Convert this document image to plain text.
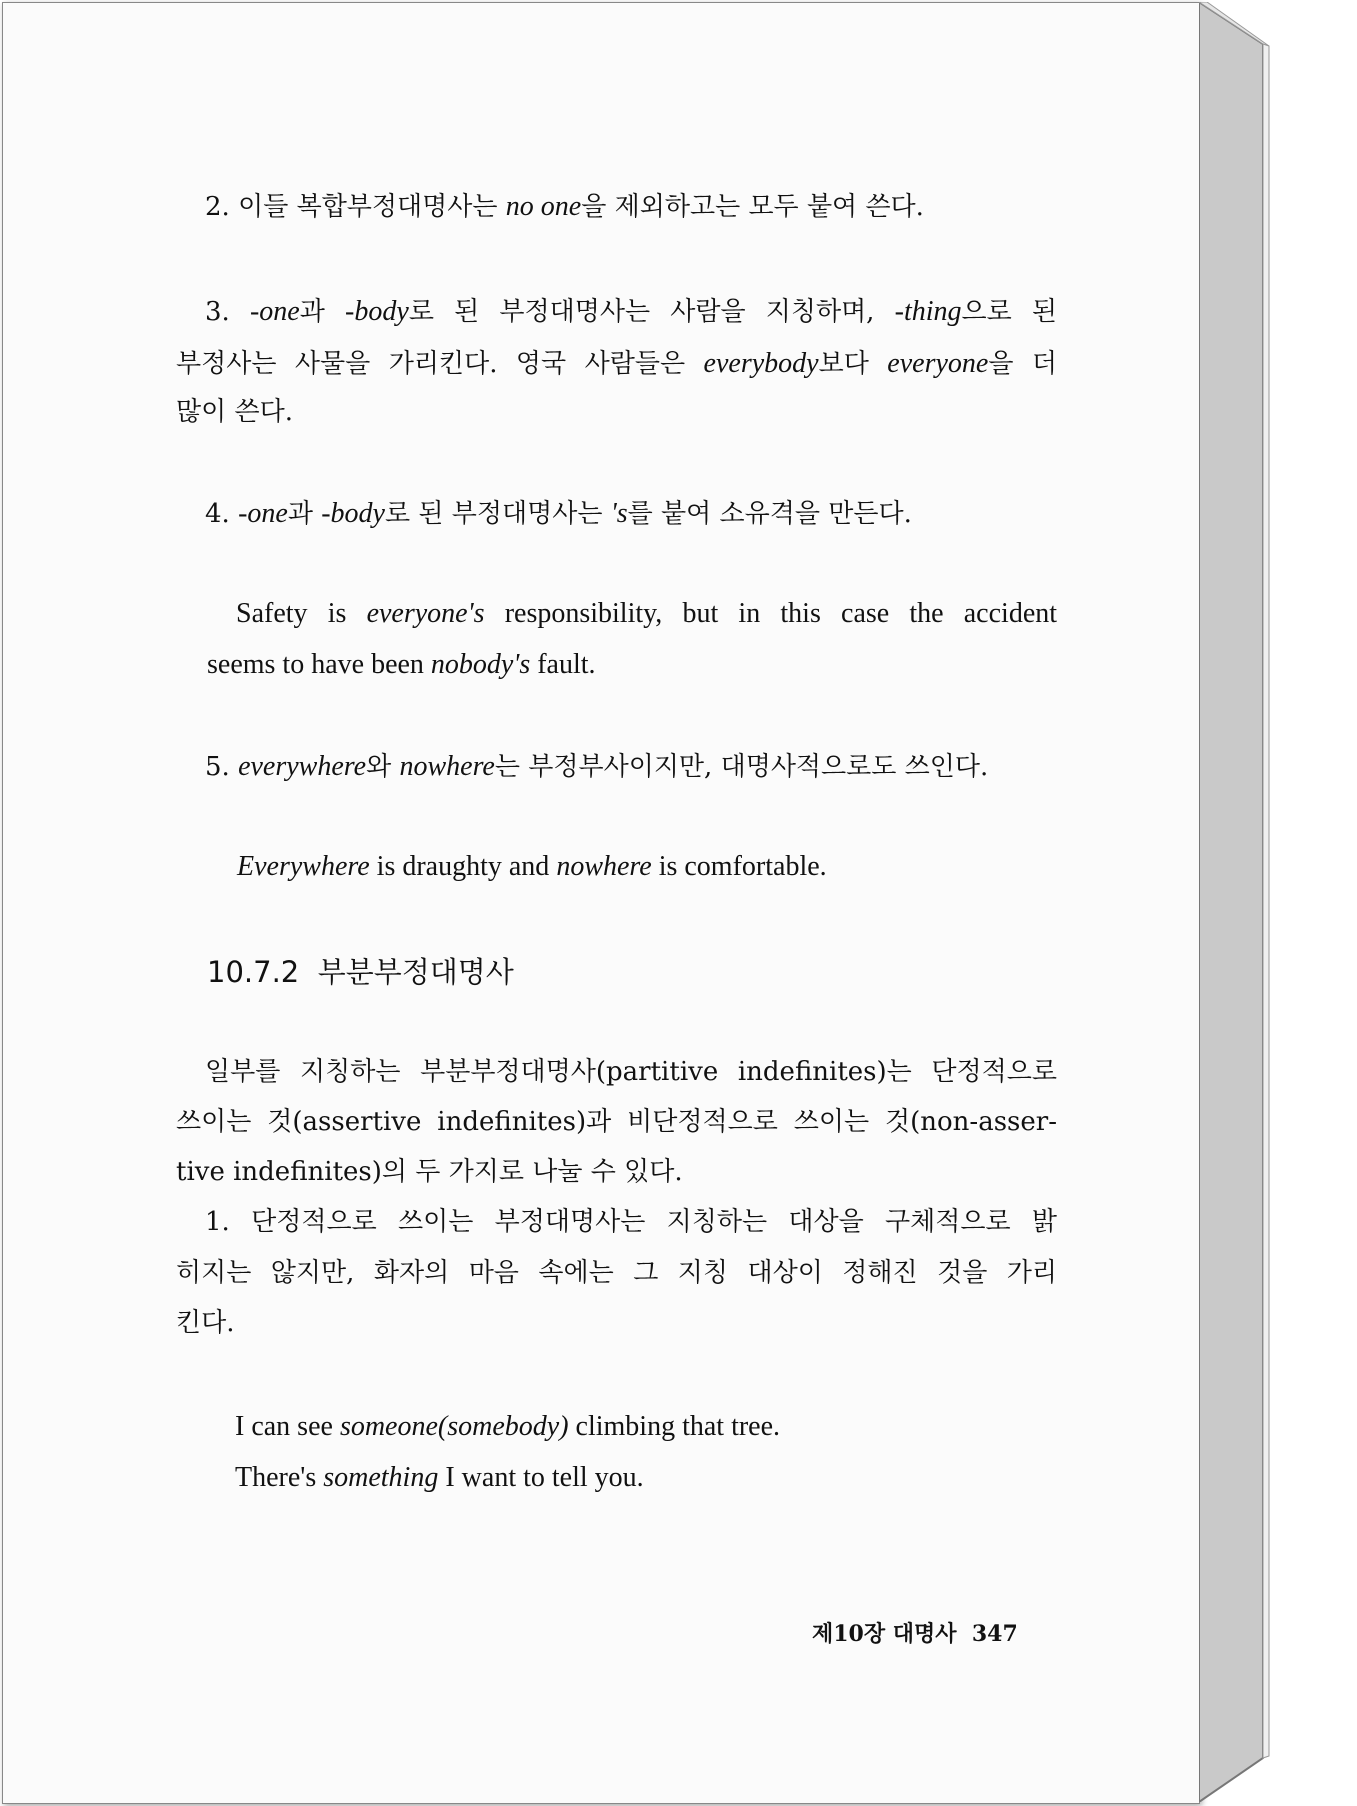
2. 이들 복합부정대명사는 no one을 제외하고는 모두 붙여 쓴다.

3. -one과 -body로 된 부정대명사는 사람을 지칭하며, -thing으로 된

부정사는 사물을 가리킨다. 영국 사람들은 everybody보다 everyone을 더

많이 쓴다.

4. -one과 -body로 된 부정대명사는 's를 붙여 소유격을 만든다.

Safety is everyone's responsibility, but in this case the accident

seems to have been nobody's fault.

5. everywhere와 nowhere는 부정부사이지만, 대명사적으로도 쓰인다.

Everywhere is draughty and nowhere is comfortable.

10.7.2 부분부정대명사

일부를 지칭하는 부분부정대명사(partitive indefinites)는 단정적으로

쓰이는 것(assertive indefinites)과 비단정적으로 쓰이는 것(non-asser-

tive indefinites)의 두 가지로 나눌 수 있다.

1. 단정적으로 쓰이는 부정대명사는 지칭하는 대상을 구체적으로 밝

히지는 않지만, 화자의 마음 속에는 그 지칭 대상이 정해진 것을 가리

킨다.

I can see someone(somebody) climbing that tree.

There's something I want to tell you.

제10장 대명사 347
